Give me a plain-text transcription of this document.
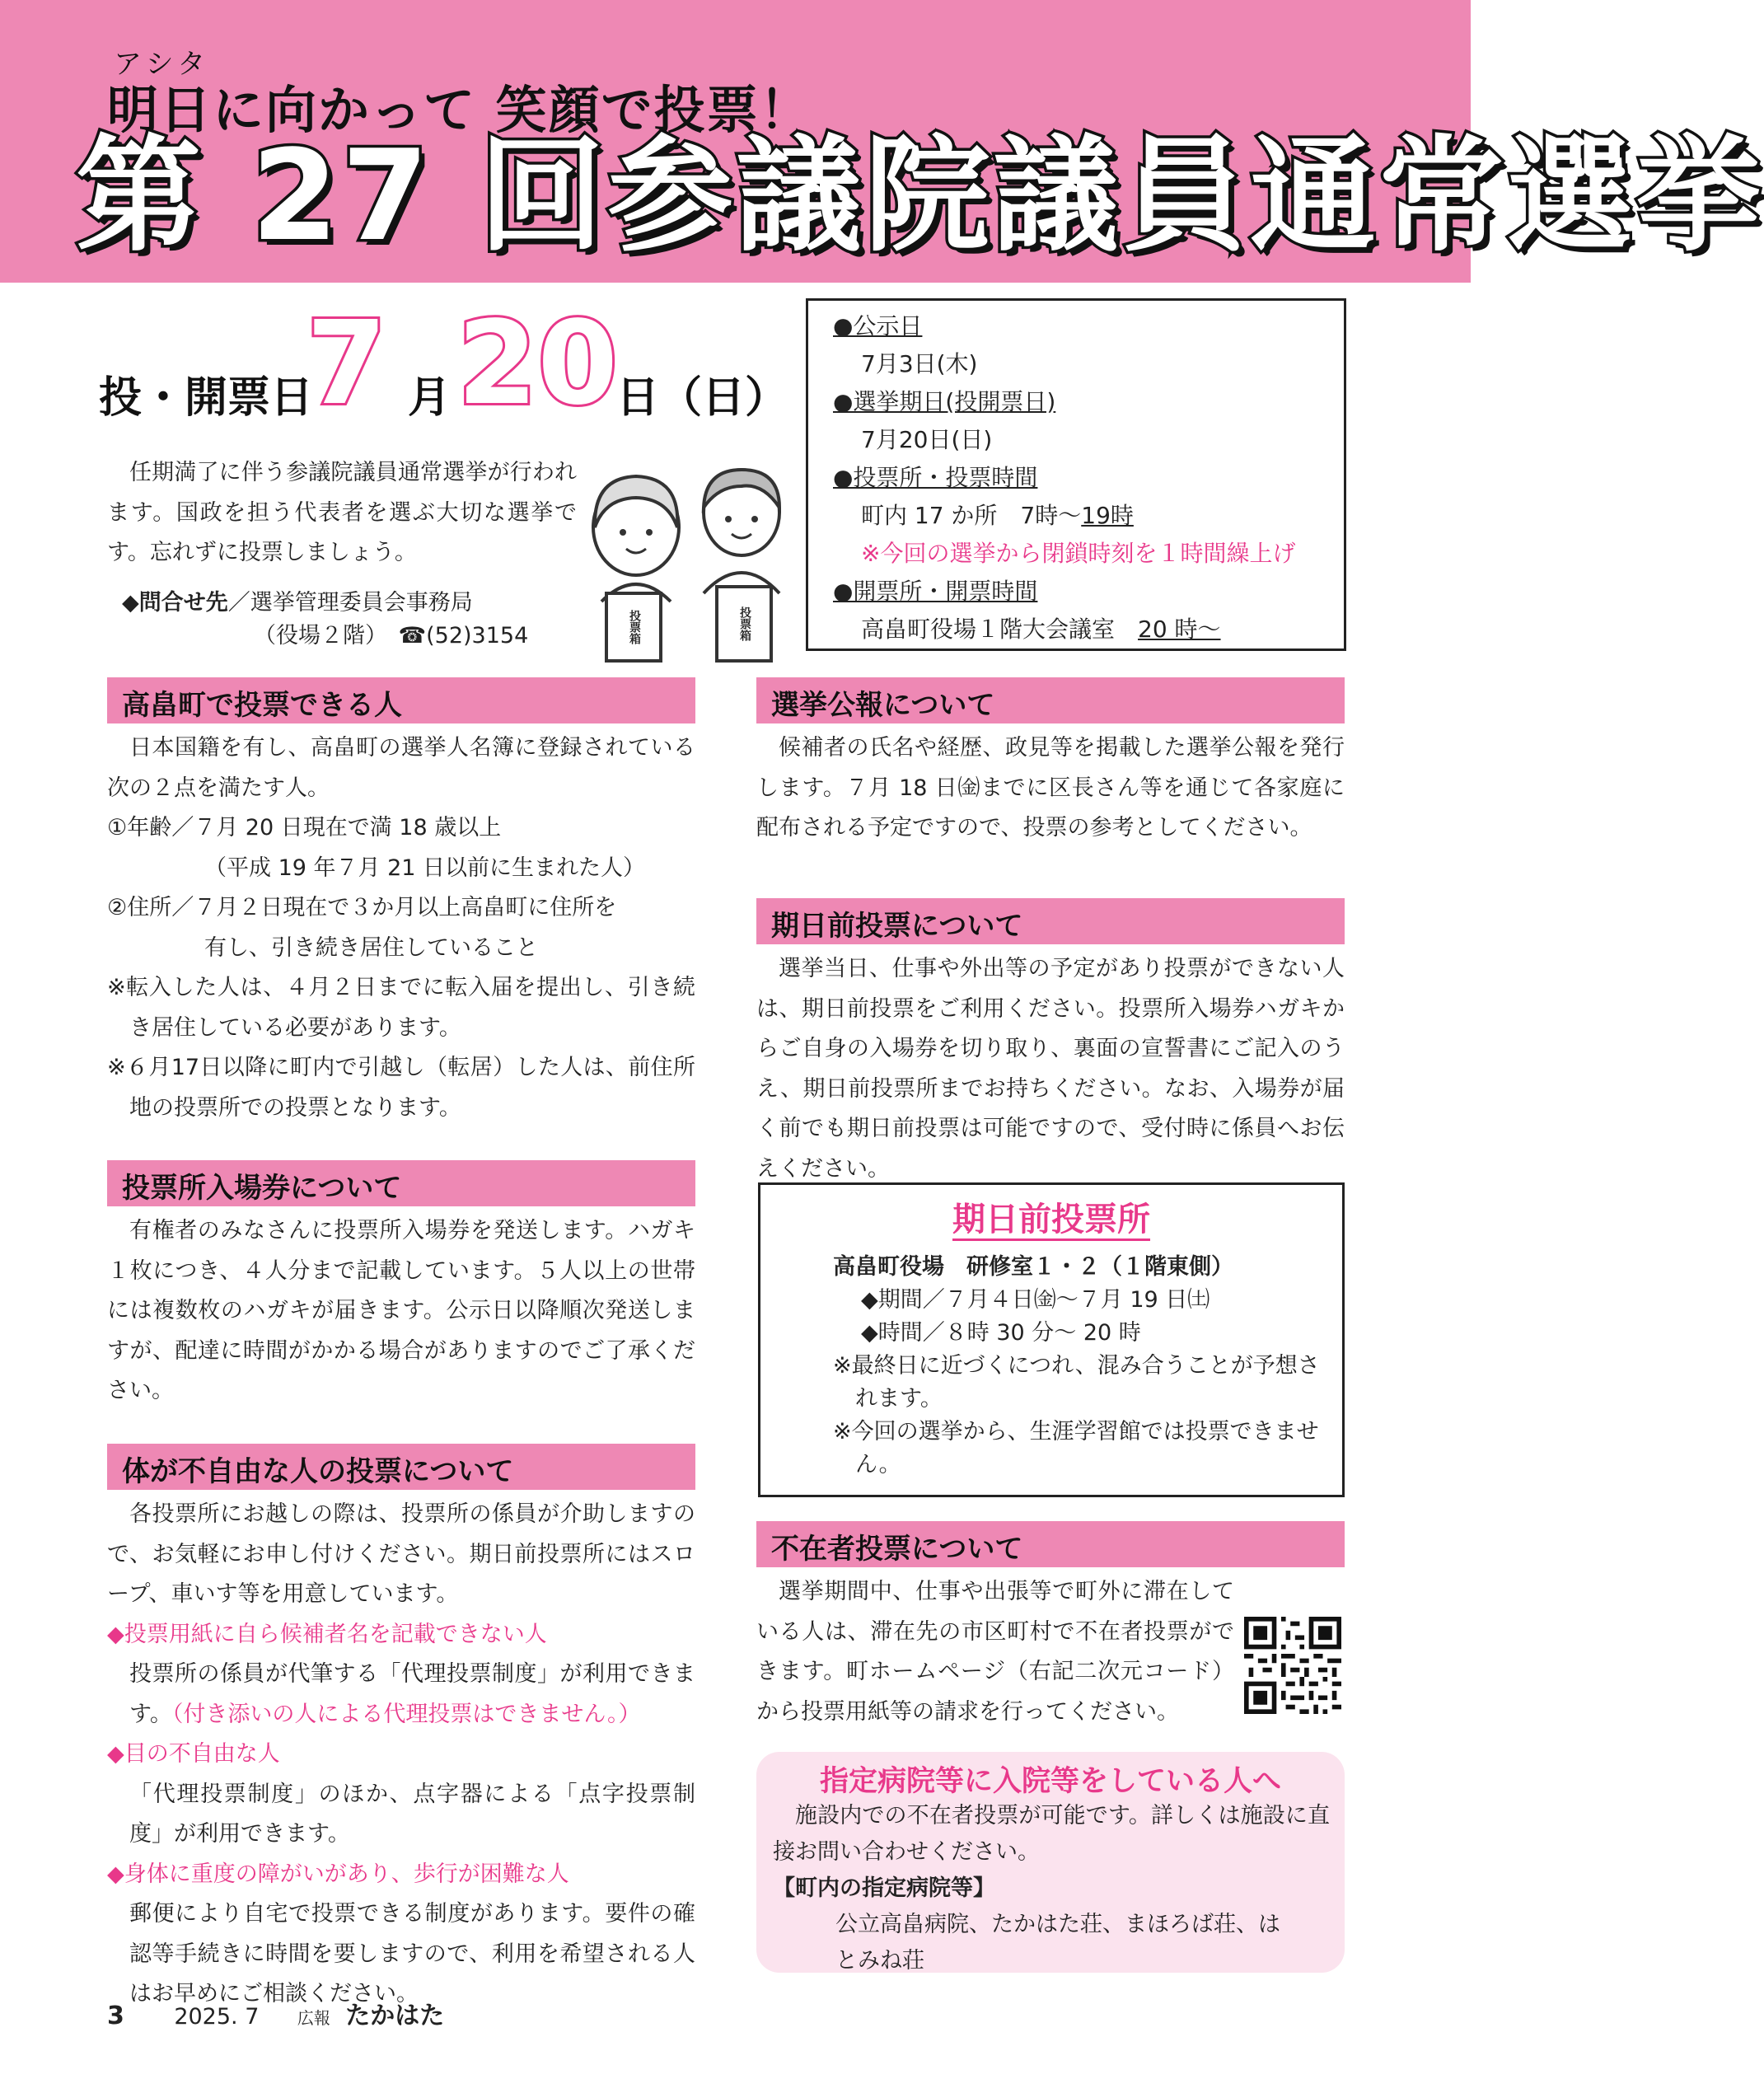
アシタ
明日に向かって 笑顔で投票！
第 27 回参議院議員通常選挙
投・開票日
7 月 20
日（日）
●公示日
7月3日(木)
●選挙期日(投開票日)
7月20日(日)
●投票所・投票時間
町内 17 か所　7時～19時
※今回の選挙から閉鎖時刻を１時間繰上げ
●開票所・開票時間
高畠町役場１階大会議室　20 時～
任期満了に伴う参議院議員通常選挙が行われます。国政を担う代表者を選ぶ大切な選挙です。忘れずに投票しましょう。
◆問合せ先／選挙管理委員会事務局
（役場２階）　☎(52)3154	投票箱	投票箱
高畠町で投票できる人

日本国籍を有し、高畠町の選挙人名簿に登録されている次の２点を満たす人。

①年齢／７月 20 日現在で満 18 歳以上
（平成 19 年７月 21 日以前に生まれた人）
②住所／７月２日現在で３か月以上高畠町に住所を
有し、引き続き居住していること

※転入した人は、４月２日までに転入届を提出し、引き続き居住している必要があります。

※６月17日以降に町内で引越し（転居）した人は、前住所地の投票所での投票となります。

投票所入場券について

有権者のみなさんに投票所入場券を発送します。ハガキ１枚につき、４人分まで記載しています。５人以上の世帯には複数枚のハガキが届きます。公示日以降順次発送しますが、配達に時間がかかる場合がありますのでご了承ください。

体が不自由な人の投票について

各投票所にお越しの際は、投票所の係員が介助しますので、お気軽にお申し付けください。期日前投票所にはスロープ、車いす等を用意しています。

◆投票用紙に自ら候補者名を記載できない人

投票所の係員が代筆する「代理投票制度」が利用できます。（付き添いの人による代理投票はできません。）

◆目の不自由な人

「代理投票制度」のほか、点字器による「点字投票制度」が利用できます。

◆身体に重度の障がいがあり、歩行が困難な人

郵便により自宅で投票できる制度があります。要件の確認等手続きに時間を要しますので、利用を希望される人はお早めにご相談ください。

選挙公報について

候補者の氏名や経歴、政見等を掲載した選挙公報を発行します。７月 18 日㈮までに区長さん等を通じて各家庭に配布される予定ですので、投票の参考としてください。

期日前投票について

選挙当日、仕事や外出等の予定があり投票ができない人は、期日前投票をご利用ください。投票所入場券ハガキからご自身の入場券を切り取り、裏面の宣誓書にご記入のうえ、期日前投票所までお持ちください。なお、入場券が届く前でも期日前投票は可能ですので、受付時に係員へお伝えください。

期日前投票所
高畠町役場　研修室１・２（１階東側）
◆期間／７月４日㈮～７月 19 日㈯
◆時間／８時 30 分～ 20 時
※最終日に近づくにつれ、混み合うことが予想されます。
※今回の選挙から、生涯学習館では投票できません。
不在者投票について

選挙期間中、仕事や出張等で町外に滞在している人は、滞在先の市区町村で不在者投票ができます。町ホームページ（右記二次元コード）から投票用紙等の請求を行ってください。

指定病院等に入院等をしている人へ

施設内での不在者投票が可能です。詳しくは施設に直接お問い合わせください。

【町内の指定病院等】

公立高畠病院、たかはた荘、まほろば荘、はとみね荘

3 2025. 7 広報 たかはた
